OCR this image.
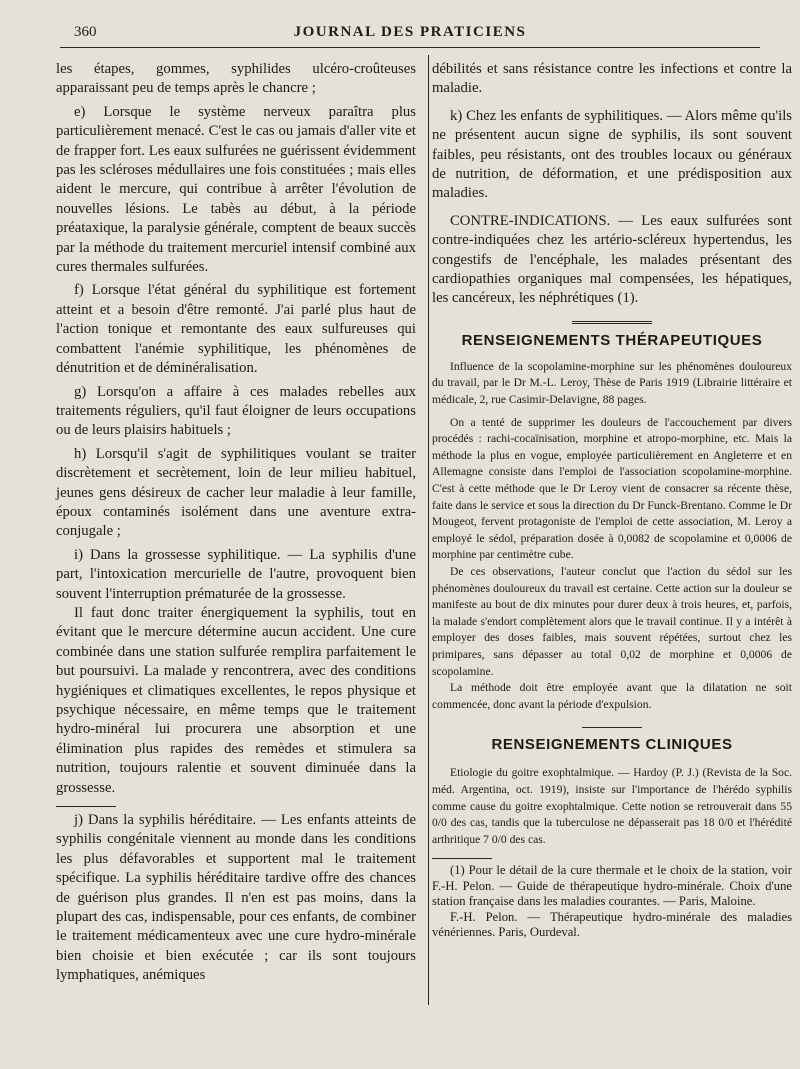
360	JOURNAL DES PRATICIENS

les étapes, gommes, syphilides ulcéro-croûteuses apparaissant peu de temps après le chancre ;

e) Lorsque le système nerveux paraîtra plus particulièrement menacé. C'est le cas ou jamais d'aller vite et de frapper fort. Les eaux sulfurées ne guérissent évidemment pas les scléroses médullaires une fois constituées ; mais elles aident le mercure, qui contribue à arrêter l'évolution de nouvelles lésions. Le tabès au début, à la période préataxique, la paralysie générale, comptent de beaux succès par la méthode du traitement mercuriel intensif combiné aux cures thermales sulfurées.

f) Lorsque l'état général du syphilitique est fortement atteint et a besoin d'être remonté. J'ai parlé plus haut de l'action tonique et remontante des eaux sulfureuses qui combattent l'anémie syphilitique, les phénomènes de dénutrition et de déminéralisation.

g) Lorsqu'on a affaire à ces malades rebelles aux traitements réguliers, qu'il faut éloigner de leurs occupations ou de leurs plaisirs habituels ;

h) Lorsqu'il s'agit de syphilitiques voulant se traiter discrètement et secrètement, loin de leur milieu habituel, jeunes gens désireux de cacher leur maladie à leur famille, époux contaminés isolément dans une aventure extra-conjugale ;

i) Dans la grossesse syphilitique. — La syphilis d'une part, l'intoxication mercurielle de l'autre, provoquent bien souvent l'interruption prématurée de la grossesse.

Il faut donc traiter énergiquement la syphilis, tout en évitant que le mercure détermine aucun accident. Une cure combinée dans une station sulfurée remplira parfaitement le but poursuivi. La malade y rencontrera, avec des conditions hygiéniques et climatiques excellentes, le repos physique et psychique nécessaire, en même temps que le traitement hydro-minéral lui procurera une absorption et une élimination plus rapides des remèdes et stimulera sa nutrition, toujours ralentie et souvent diminuée dans la grossesse.

j) Dans la syphilis héréditaire. — Les enfants atteints de syphilis congénitale viennent au monde dans les conditions les plus défavorables et supportent mal le traitement spécifique. La syphilis héréditaire tardive offre des chances de guérison plus grandes. Il n'en est pas moins, dans la plupart des cas, indispensable, pour ces enfants, de combiner le traitement médicamenteux avec une cure hydro-minérale bien choisie et bien exécutée ; car ils sont toujours lymphatiques, anémiques

débilités et sans résistance contre les infections et contre la maladie.

k) Chez les enfants de syphilitiques. — Alors même qu'ils ne présentent aucun signe de syphilis, ils sont souvent faibles, peu résistants, ont des troubles locaux ou généraux de nutrition, de déformation, et une prédisposition aux maladies.

CONTRE-INDICATIONS. — Les eaux sulfurées sont contre-indiquées chez les artério-scléreux hypertendus, les congestifs de l'encéphale, les malades présentant des cardiopathies organiques mal compensées, les hépatiques, les cancéreux, les néphrétiques (1).

RENSEIGNEMENTS THÉRAPEUTIQUES

Influence de la scopolamine-morphine sur les phénomènes douloureux du travail, par le Dr M.-L. Leroy, Thèse de Paris 1919 (Librairie littéraire et médicale, 2, rue Casimir-Delavigne, 88 pages.

On a tenté de supprimer les douleurs de l'accouchement par divers procédés : rachi-cocaïnisation, morphine et atropo-morphine, etc. Mais la méthode la plus en vogue, employée particulièrement en Angleterre et en Allemagne consiste dans l'emploi de l'association scopolamine-morphine. C'est à cette méthode que le Dr Leroy vient de consacrer sa récente thèse, faite dans le service et sous la direction du Dr Funck-Brentano. Comme le Dr Mougeot, fervent protagoniste de l'emploi de cette association, M. Leroy a employé le sédol, préparation dosée à 0,0082 de scopolamine et 0,0006 de morphine par centimètre cube.

De ces observations, l'auteur conclut que l'action du sédol sur les phénomènes douloureux du travail est certaine. Cette action sur la douleur se manifeste au bout de dix minutes pour durer deux à trois heures, et, parfois, la malade s'endort complètement alors que le travail continue. Il y a intérêt à employer des doses faibles, mais souvent répétées, surtout chez les primipares, sans dépasser au total 0,02 de morphine et 0,0006 de scopolamine.

La méthode doit être employée avant que la dilatation ne soit commencée, donc avant la période d'expulsion.

RENSEIGNEMENTS CLINIQUES

Etiologie du goitre exophtalmique. — Hardoy (P. J.) (Revista de la Soc. méd. Argentina, oct. 1919), insiste sur l'importance de l'hérédo syphilis comme cause du goitre exophtalmique. Cette notion se retrouverait dans 55 0/0 des cas, tandis que la tuberculose ne dépasserait pas 18 0/0 et l'hérédité arthritique 7 0/0 des cas.

(1) Pour le détail de la cure thermale et le choix de la station, voir F.-H. Pelon. — Guide de thérapeutique hydro-minérale. Choix d'une station française dans les maladies courantes. — Paris, Maloine.

F.-H. Pelon. — Thérapeutique hydro-minérale des maladies vénériennes. Paris, Ourdeval.
